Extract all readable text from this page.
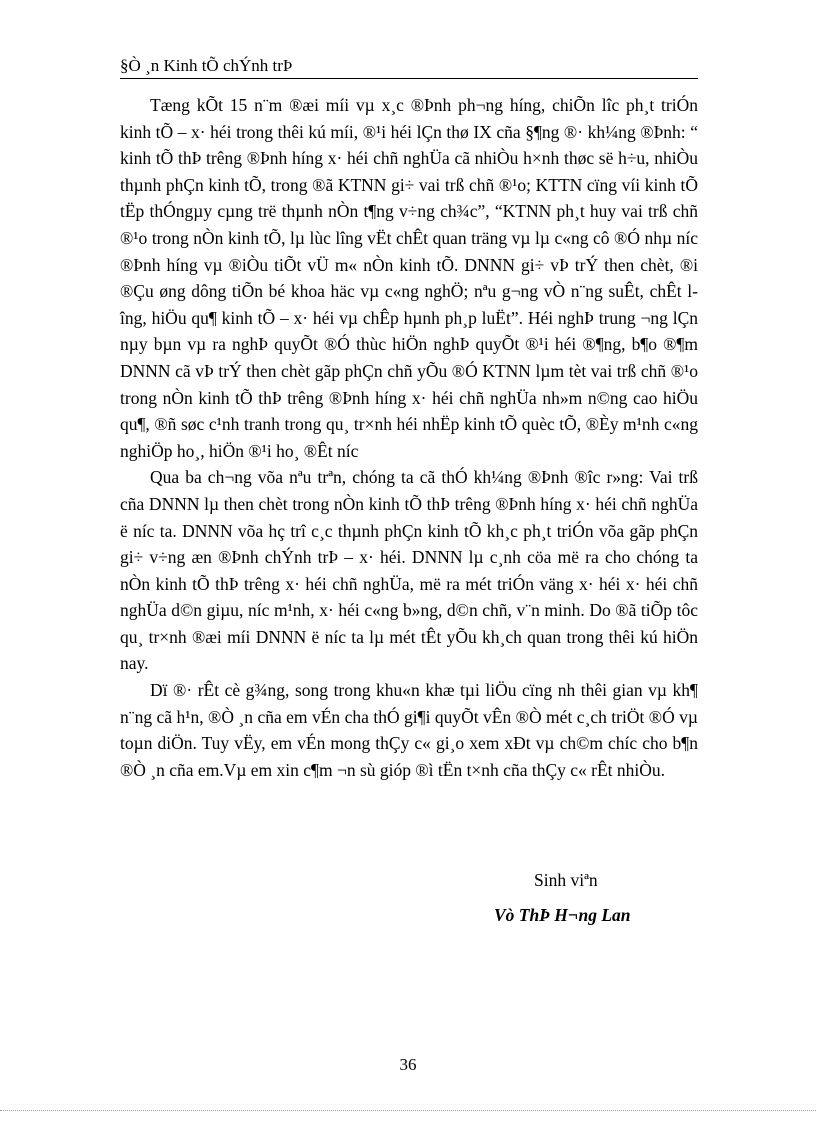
§Ò ¸n Kinh tÕ chÝnh trÞ

Tæng kÕt 15 n¨m ®æi míi vµ x¸c ®Þnh ph¬ng híng, chiÕn lîc ph¸t triÓn kinh tÕ – x· héi trong thêi kú míi, ®¹i héi lÇn thø IX cña §¶ng ®· kh¼ng ®Þnh: “ kinh tÕ thÞ trêng ®Þnh híng x· héi chñ nghÜa cã nhiÒu h×nh thøc së h÷u, nhiÒu thµnh phÇn kinh tÕ, trong ®ã KTNN gi÷ vai trß chñ ®¹o; KTTN cïng víi kinh tÕ tËp thÓngµy cµng trë thµnh nÒn t¶ng v÷ng ch¾c”, “KTNN ph¸t huy vai trß chñ ®¹o trong nÒn kinh tÕ, lµ lùc lîng vËt chÊt quan träng vµ lµ c«ng cô ®Ó nhµ níc ®Þnh híng vµ ®iÒu tiÕt vÜ m« nÒn kinh tÕ. DNNN gi÷ vÞ trÝ then chèt, ®i ®Çu øng dông tiÕn bé khoa häc vµ c«ng nghÖ; nªu g¬ng vÒ n¨ng suÊt, chÊt lîng, hiÖu qu¶ kinh tÕ – x· héi vµ chÊp hµnh ph¸p luËt”. Héi nghÞ trung ¬ng lÇn nµy bµn vµ ra nghÞ quyÕt ®Ó thùc hiÖn nghÞ quyÕt ®¹i héi ®¶ng, b¶o ®¶m DNNN cã vÞ trÝ then chèt gãp phÇn chñ yÕu ®Ó KTNN lµm tèt vai trß chñ ®¹o trong nÒn kinh tÕ thÞ trêng ®Þnh híng x· héi chñ nghÜa nh»m n©ng cao hiÖu qu¶, ®ñ søc c¹nh tranh trong qu¸ tr×nh héi nhËp kinh tÕ quèc tÕ, ®Èy m¹nh c«ng nghiÖp ho¸, hiÖn ®¹i ho¸ ®Êt níc

Qua ba ch¬ng võa nªu trªn, chóng ta cã thÓ kh¼ng ®Þnh ®îc r»ng: Vai trß cña DNNN lµ then chèt trong nÒn kinh tÕ thÞ trêng ®Þnh híng x· héi chñ nghÜa ë níc ta. DNNN võa hç trî c¸c thµnh phÇn kinh tÕ kh¸c ph¸t triÓn võa gãp phÇn gi÷ v÷ng æn ®Þnh chÝnh trÞ – x· héi. DNNN lµ c¸nh cöa më ra cho chóng ta nÒn kinh tÕ thÞ trêng x· héi chñ nghÜa, më ra mét triÓn väng x· héi x· héi chñ nghÜa d©n giµu, níc m¹nh, x· héi c«ng b»ng, d©n chñ, v¨n minh. Do ®ã tiÕp tôc qu¸ tr×nh ®æi míi DNNN ë níc ta lµ mét tÊt yÕu kh¸ch quan trong thêi kú hiÖn nay.

Dï ®· rÊt cè g¾ng, song trong khu«n khæ tµi liÖu cïng nh thêi gian vµ kh¶ n¨ng cã h¹n, ®Ò ¸n cña em vÉn cha thÓ gi¶i quyÕt vÊn ®Ò mét c¸ch triÖt ®Ó vµ toµn diÖn. Tuy vËy, em vÉn mong thÇy c« gi¸o xem xÐt vµ ch©m chíc cho b¶n ®Ò ¸n cña em.Vµ em xin c¶m ¬n sù gióp ®ì tËn t×nh cña thÇy c« rÊt nhiÒu.

Sinh viªn
Vò ThÞ H¬ng Lan
36
